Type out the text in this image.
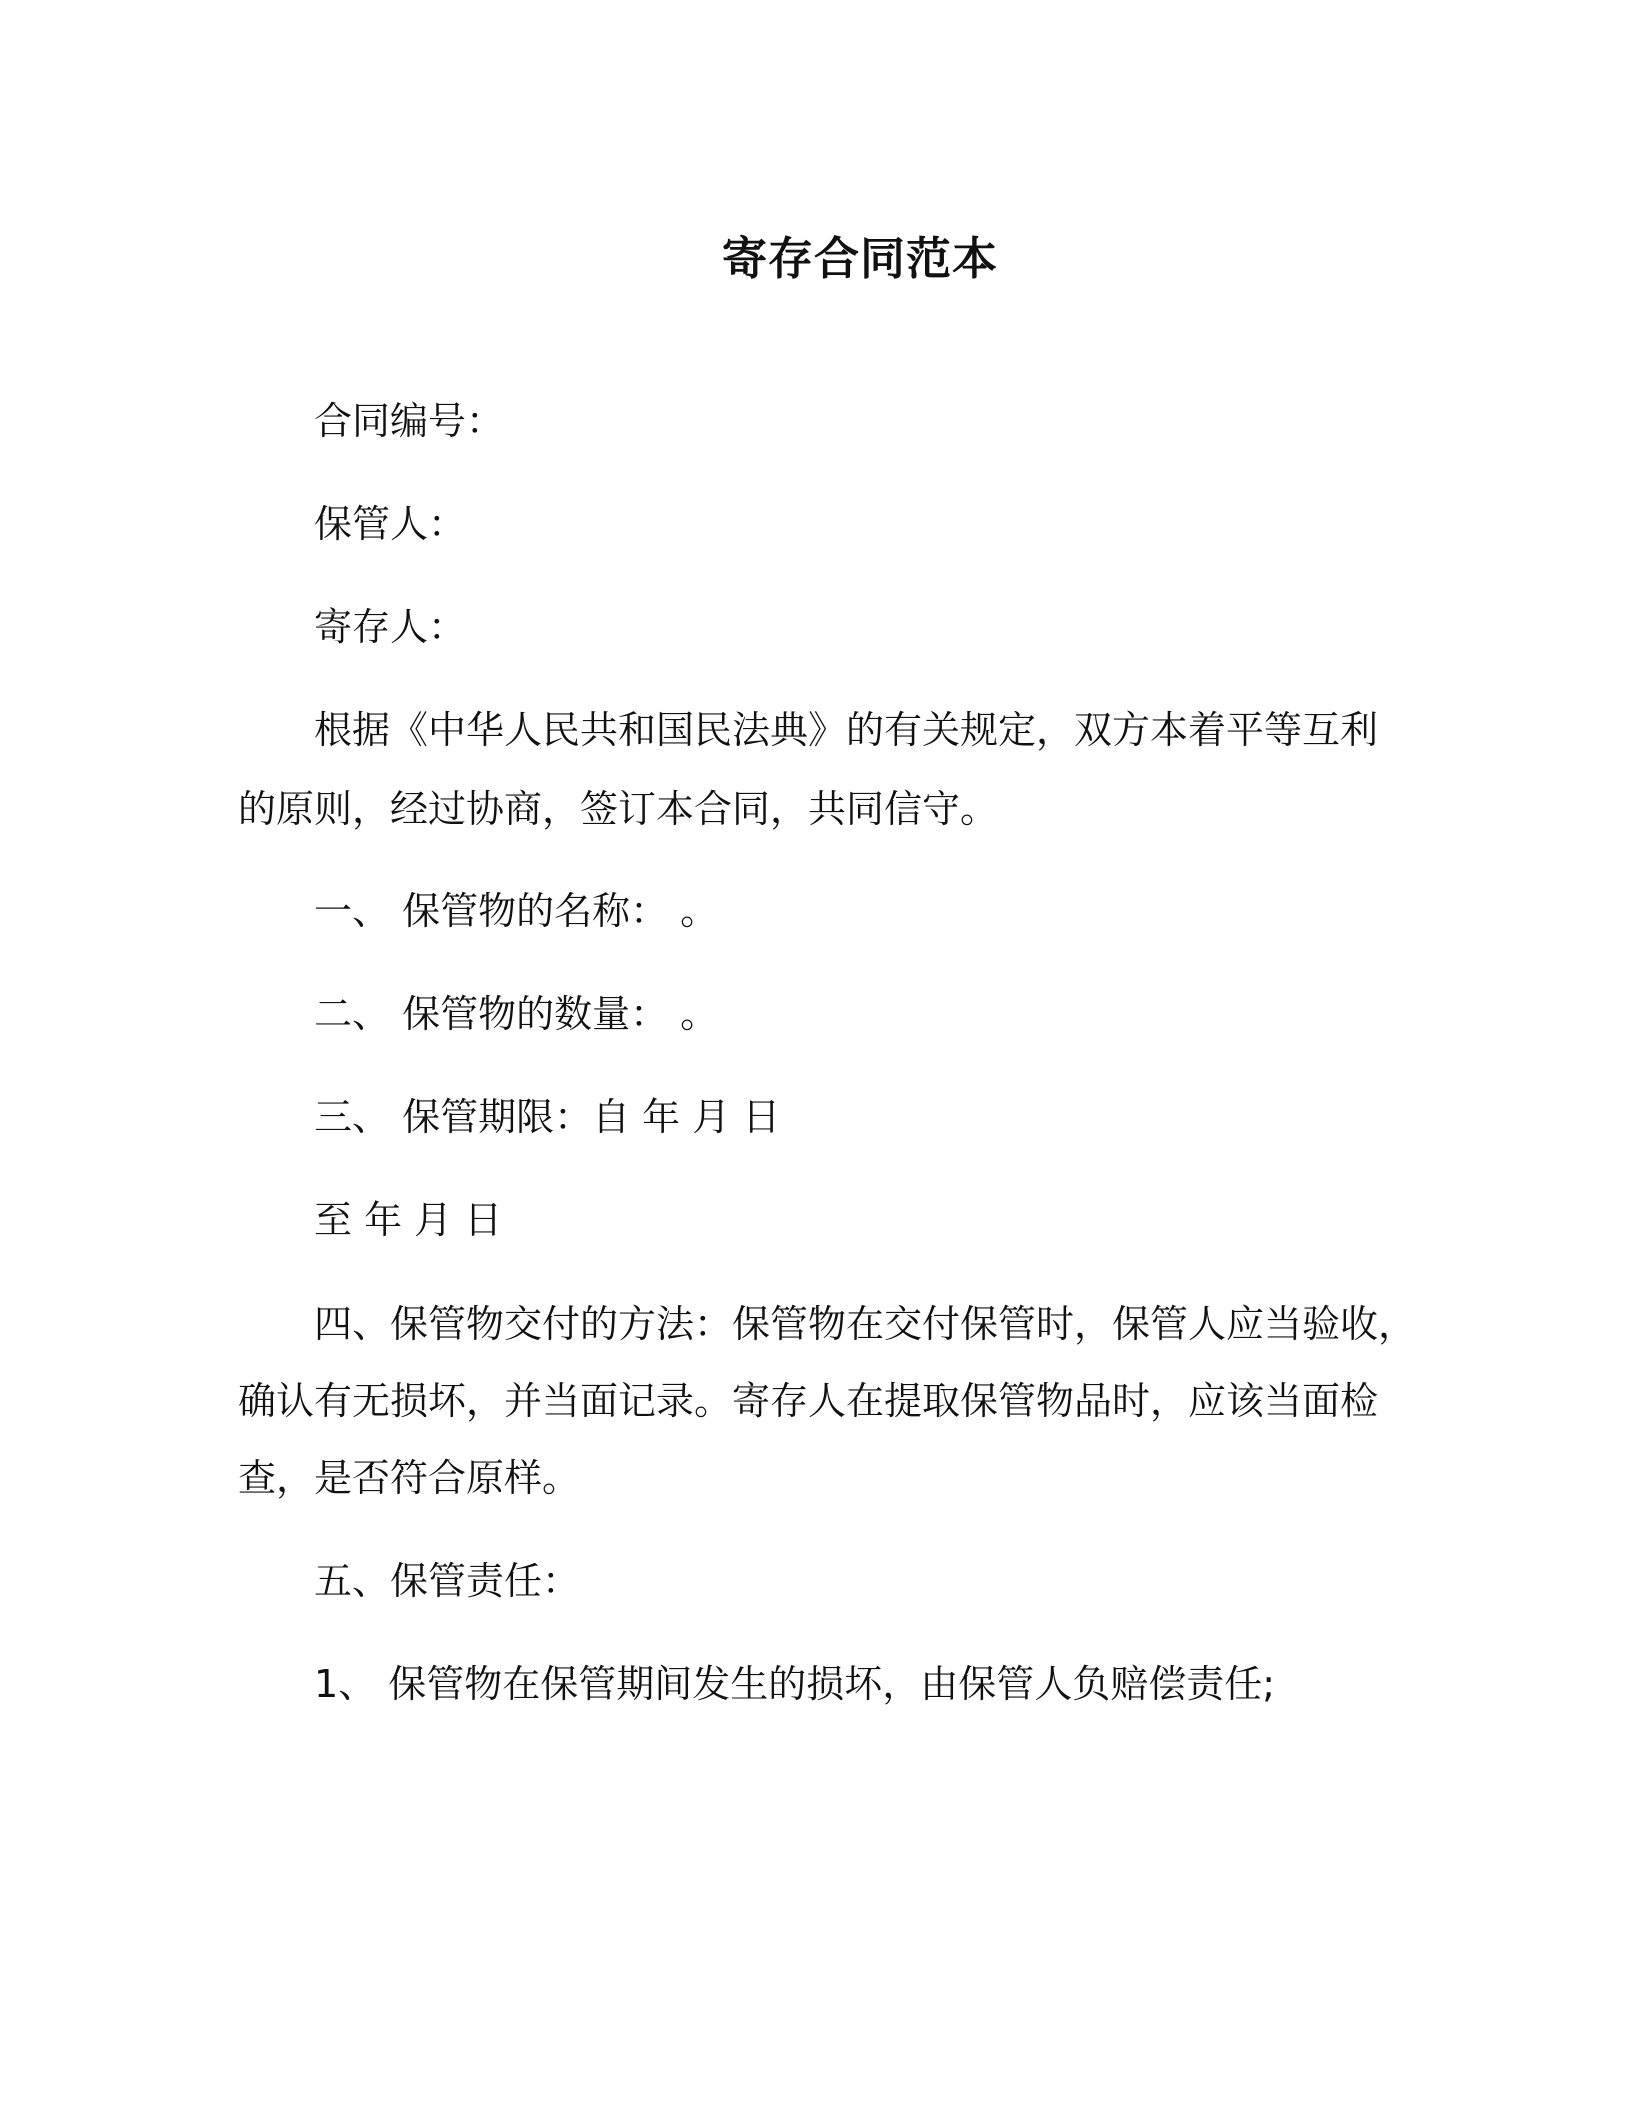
寄存合同范本
合同编号：
保管人：
寄存人：
根据《中华人民共和国民法典》的有关规定，双方本着平等互利
的原则，经过协商，签订本合同，共同信守。
一、 保管物的名称： 。
二、 保管物的数量： 。
三、 保管期限：自 年 月 日
至 年 月 日
四、保管物交付的方法：保管物在交付保管时，保管人应当验收，
确认有无损坏，并当面记录。寄存人在提取保管物品时，应该当面检
查，是否符合原样。
五、保管责任：
1、 保管物在保管期间发生的损坏，由保管人负赔偿责任;
